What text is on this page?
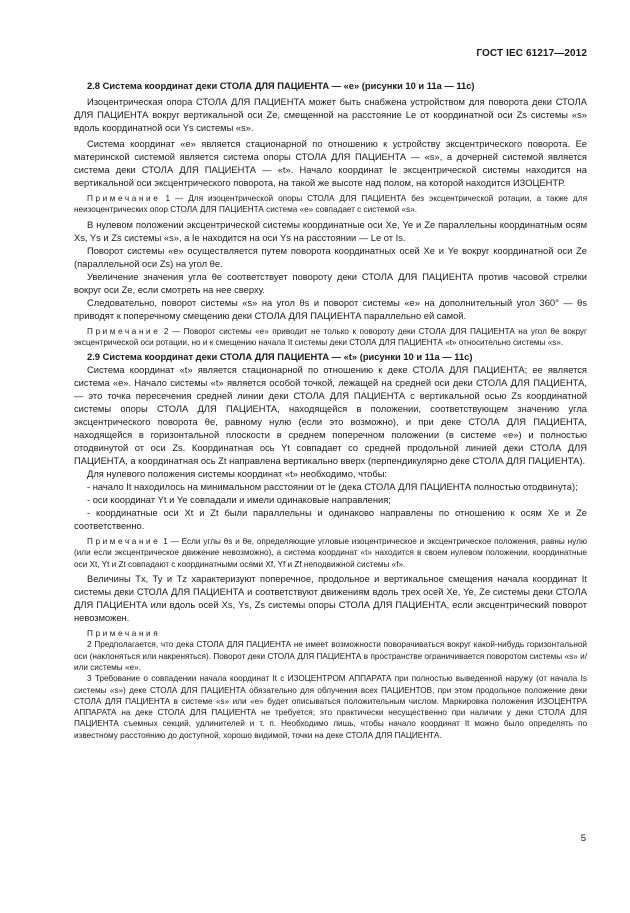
ГОСТ IEC 61217—2012

2.8 Система координат деки СТОЛА ДЛЯ ПАЦИЕНТА — «е» (рисунки 10 и 11а — 11с)

Изоцентрическая опора СТОЛА ДЛЯ ПАЦИЕНТА может быть снабжена устройством для поворота деки СТОЛА ДЛЯ ПАЦИЕНТА вокруг вертикальной оси Ze, смещенной на расстояние Le от координатной оси Zs системы «s» вдоль координатной оси Ys системы «s».

Система координат «е» является стационарной по отношению к устройству эксцентрического поворота. Ее материнской системой является система опоры СТОЛА ДЛЯ ПАЦИЕНТА — «s», а дочерней системой является система деки СТОЛА ДЛЯ ПАЦИЕНТА — «t». Начало координат Ie эксцентрической системы находится на вертикальной оси эксцентрического поворота, на такой же высоте над полом, на которой находится ИЗОЦЕНТР.

Примечание 1 — Для изоцентрической опоры СТОЛА ДЛЯ ПАЦИЕНТА без эксцентрической ротации, а также для неизоцентрических опор СТОЛА ДЛЯ ПАЦИЕНТА система «е» совпадает с системой «s».

В нулевом положении эксцентрической системы координатные оси Xe, Ye и Ze параллельны координатным осям Xs, Ys и Zs системы «s», а Ie находится на оси Ys на расстоянии — Le от Is.

Поворот системы «е» осуществляется путем поворота координатных осей Xe и Ye вокруг координатной оси Ze (параллельной оси Zs) на угол θe.

Увеличение значения угла θe соответствует повороту деки СТОЛА ДЛЯ ПАЦИЕНТА против часовой стрелки вокруг оси Ze, если смотреть на нее сверху.

Следовательно, поворот системы «s» на угол θs и поворот системы «е» на дополнительный угол 360° — θs приводят к поперечному смещению деки СТОЛА ДЛЯ ПАЦИЕНТА параллельно ей самой.

Примечание 2 — Поворот системы «е» приводит не только к повороту деки СТОЛА ДЛЯ ПАЦИЕНТА на угол θe вокруг эксцентрической оси ротации, но и к смещению начала It системы деки СТОЛА ДЛЯ ПАЦИЕНТА «t» относительно системы «s».

2.9 Система координат деки СТОЛА ДЛЯ ПАЦИЕНТА — «t» (рисунки 10 и 11а — 11с)

Система координат «t» является стационарной по отношению к деке СТОЛА ДЛЯ ПАЦИЕНТА; ее является система «е». Начало системы «t» является особой точкой, лежащей на средней оси деки СТОЛА ДЛЯ ПАЦИЕНТА, — это точка пересечения средней линии деки СТОЛА ДЛЯ ПАЦИЕНТА с вертикальной осью Zs координатной системы опоры СТОЛА ДЛЯ ПАЦИЕНТА, находящейся в положении, соответствующем значению угла эксцентрического поворота θe, равному нулю (если это возможно), и при деке СТОЛА ДЛЯ ПАЦИЕНТА, находящейся в горизонтальной плоскости в среднем поперечном положении (в системе «е») и полностью отодвинутой от оси Zs. Координатная ось Yt совпадает со средней продольной линией деки СТОЛА ДЛЯ ПАЦИЕНТА, а координатная ось Zt направлена вертикально вверх (перпендикулярно деке СТОЛА ДЛЯ ПАЦИЕНТА).

Для нулевого положения системы координат «t» необходимо, чтобы:

- начало It находилось на минимальном расстоянии от Ie (дека СТОЛА ДЛЯ ПАЦИЕНТА полностью отодвинута);

- оси координат Yt и Ye совпадали и имели одинаковые направления;

- координатные оси Xt и Zt были параллельны и одинаково направлены по отношению к осям Xe и Ze соответственно.

Примечание 1 — Если углы θs и θe, определяющие угловые изоцентрическое и эксцентрическое положения, равны нулю (или если эксцентрическое движение невозможно), а система координат «t» находится в своем нулевом положении, координатные оси Xt, Yt и Zt совпадают с координатными осями Xf, Yf и Zf неподвижной системы «f».

Величины Tx, Ty и Tz характеризуют поперечное, продольное и вертикальное смещения начала координат It системы деки СТОЛА ДЛЯ ПАЦИЕНТА и соответствуют движениям вдоль трех осей Xe, Ye, Ze системы деки СТОЛА ДЛЯ ПАЦИЕНТА или вдоль осей Xs, Ys, Zs системы опоры СТОЛА ДЛЯ ПАЦИЕНТА, если эксцентрический поворот невозможен.

Примечания

2 Предполагается, что дека СТОЛА ДЛЯ ПАЦИЕНТА не имеет возможности поворачиваться вокруг какой-нибудь горизонтальной оси (наклоняться или накреняться). Поворот деки СТОЛА ДЛЯ ПАЦИЕНТА в пространстве ограничивается поворотом системы «s» и/или системы «е».

3 Требование о совпадении начала координат It с ИЗОЦЕНТРОМ АППАРАТА при полностью выведенной наружу (от начала Is системы «s») деке СТОЛА ДЛЯ ПАЦИЕНТА обязательно для облучения всех ПАЦИЕНТОВ, при этом продольное положение деки СТОЛА ДЛЯ ПАЦИЕНТА в системе «s» или «е» будет описываться положительным числом. Маркировка положения ИЗОЦЕНТРА АППАРАТА на деке СТОЛА ДЛЯ ПАЦИЕНТА не требуется; это практически несущественно при наличии у деки СТОЛА ДЛЯ ПАЦИЕНТА съемных секций, удлинителей и т. п. Необходимо лишь, чтобы начало координат It можно было определять по известному расстоянию до доступной, хорошо видимой, точки на деке СТОЛА ДЛЯ ПАЦИЕНТА.

5
